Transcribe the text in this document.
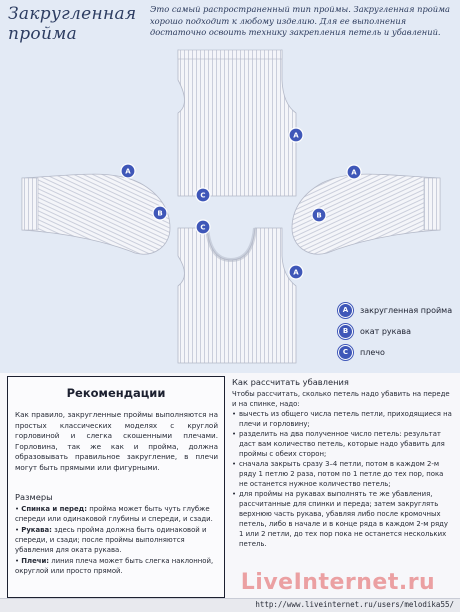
Закругленная пройма
Это самый распространенный тип проймы. Закругленная пройма хорошо подходит к любому изделию. Для ее выполнения достаточно освоить технику закрепления петель и убавлений.
A
A	A
B	B
C
C
A
A	закругленная пройма
B	окат рукава
C	плечо
Рекомендации
Как правило, закругленные проймы выполняются на простых классических моделях с круглой горловиной и слегка скошенными плечами. Горловина, так же как и пройма, должна образовывать правильное закругление, в плечи могут быть прямыми или фигурными.
Размеры
• Спинка и перед: пройма может быть чуть глубже спереди или одинаковой глубины и спереди, и сзади.
• Рукава: здесь пройма должна быть одинаковой и спереди, и сзади; после проймы выполняются убавления для оката рукава.
• Плечи: линия плеча может быть слегка наклонной, округлой или просто прямой.
Как рассчитать убавления
Чтобы рассчитать, сколько петель надо убавить на переде и на спинке, надо:
• вычесть из общего числа петель петли, приходящиеся на плечи и горловину;
• разделить на два полученное число петель: результат даст вам количество петель, которые надо убавить для проймы с обеих сторон;
• сначала закрыть сразу 3–4 петли, потом в каждом 2-м ряду 1 петлю 2 раза, потом по 1 петле до тех пор, пока не останется нужное количество петель;
• для проймы на рукавах выполнять те же убавления, рассчитанные для спинки и переда; затем закруглять верхнюю часть рукава, убавляя либо после кромочных петель, либо в начале и в конце ряда в каждом 2-м ряду 1 или 2 петли, до тех пор пока не останется нескольких петель.
LiveInternet.ru
http://www.liveinternet.ru/users/melodika55/
